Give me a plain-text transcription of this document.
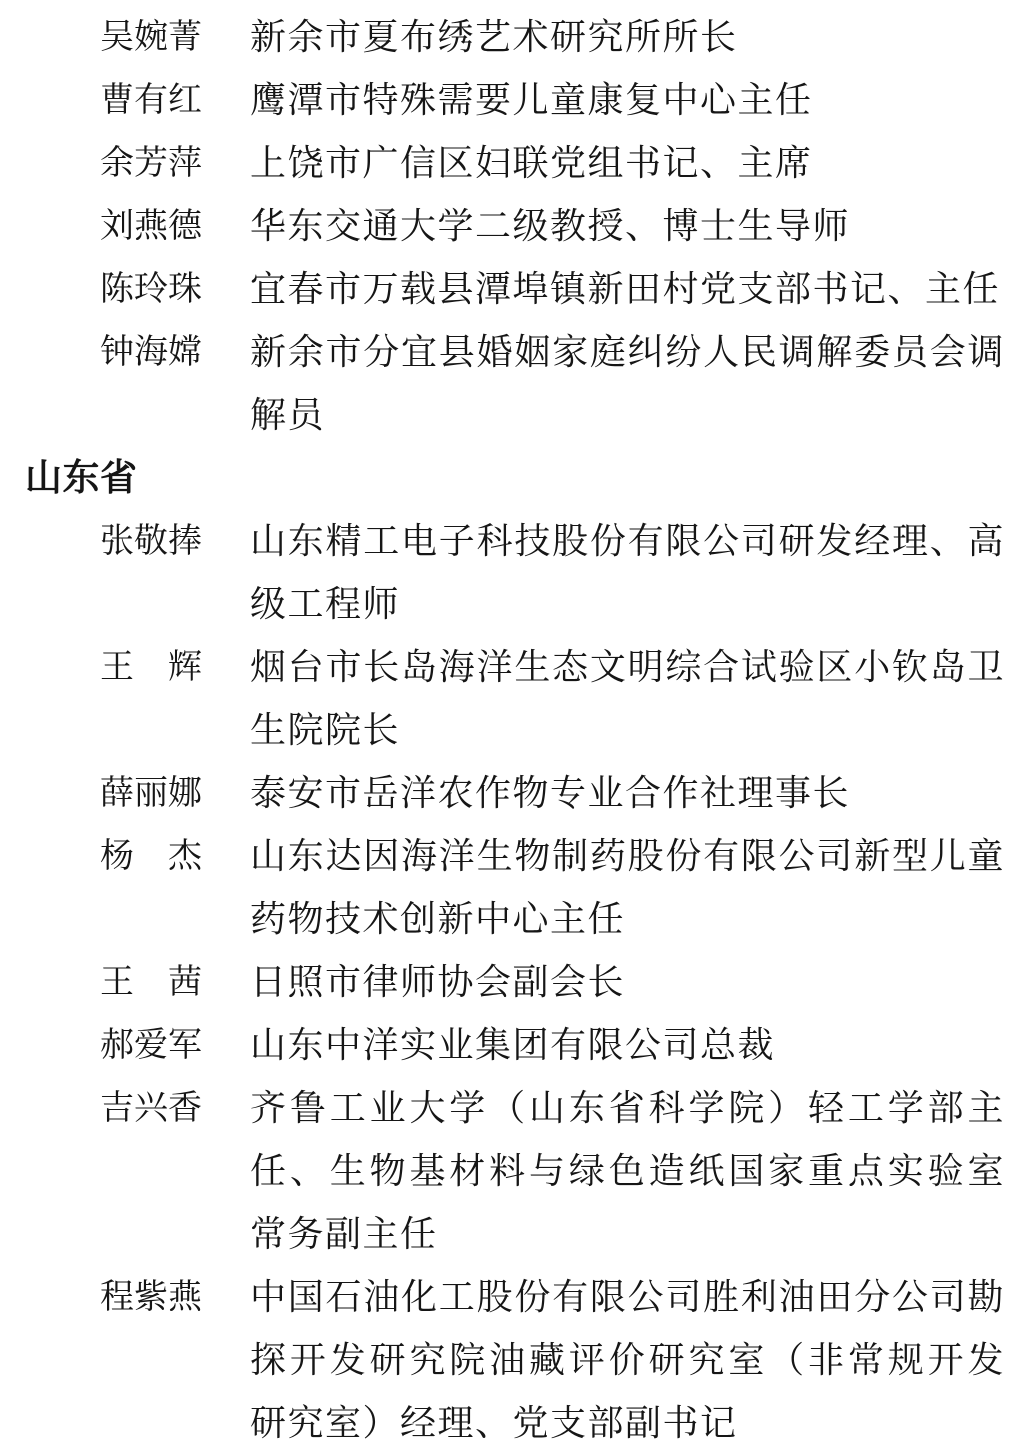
吴婉菁 新余市夏布绣艺术研究所所长
曹有红 鹰潭市特殊需要儿童康复中心主任
余芳萍 上饶市广信区妇联党组书记、主席
刘燕德 华东交通大学二级教授、博士生导师
陈玲珠 宜春市万载县潭埠镇新田村党支部书记、主任
钟海嫦 新余市分宜县婚姻家庭纠纷人民调解委员会调
解员
山东省
张敬捧 山东精工电子科技股份有限公司研发经理、高
级工程师
王　辉 烟台市长岛海洋生态文明综合试验区小钦岛卫
生院院长
薛丽娜 泰安市岳洋农作物专业合作社理事长
杨　杰 山东达因海洋生物制药股份有限公司新型儿童
药物技术创新中心主任
王　茜 日照市律师协会副会长
郝爱军 山东中洋实业集团有限公司总裁
吉兴香 齐鲁工业大学（山东省科学院）轻工学部主
任、生物基材料与绿色造纸国家重点实验室
常务副主任
程紫燕 中国石油化工股份有限公司胜利油田分公司勘
探开发研究院油藏评价研究室（非常规开发
研究室）经理、党支部副书记
